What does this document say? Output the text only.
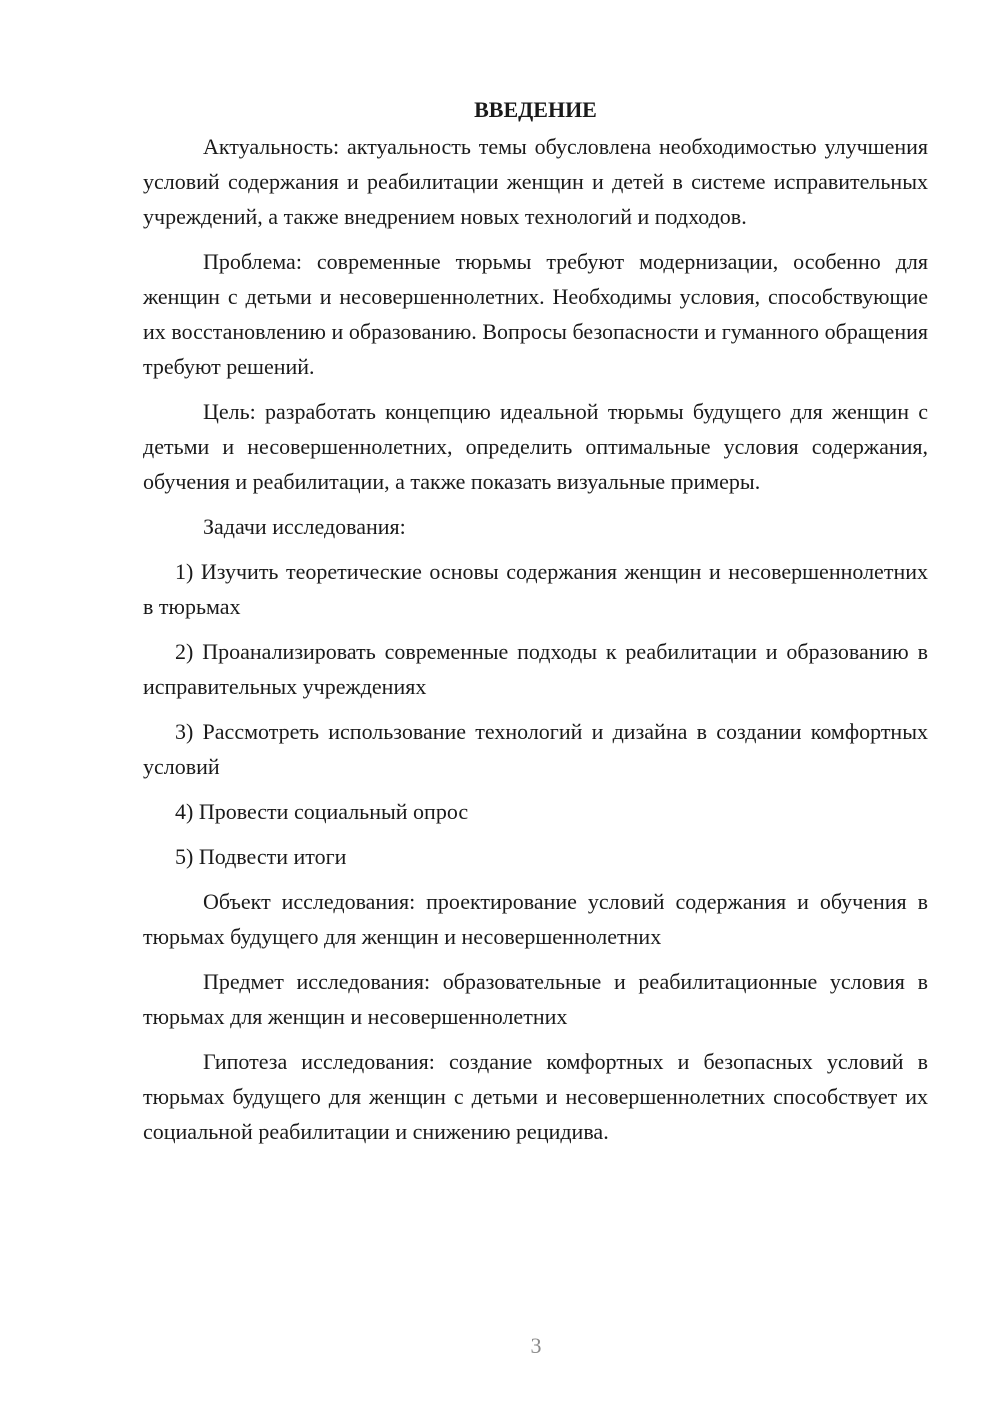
ВВЕДЕНИЕ
Актуальность: актуальность темы обусловлена необходимостью улучшения условий содержания и реабилитации женщин и детей в системе исправительных учреждений, а также внедрением новых технологий и подходов.
Проблема: современные тюрьмы требуют модернизации, особенно для женщин с детьми и несовершеннолетних. Необходимы условия, способствующие их восстановлению и образованию. Вопросы безопасности и гуманного обращения требуют решений.
Цель: разработать концепцию идеальной тюрьмы будущего для женщин с детьми и несовершеннолетних, определить оптимальные условия содержания, обучения и реабилитации, а также показать визуальные примеры.
Задачи исследования:
1) Изучить теоретические основы содержания женщин и несовершеннолетних в тюрьмах
2) Проанализировать современные подходы к реабилитации и образованию в исправительных учреждениях
3) Рассмотреть использование технологий и дизайна в создании комфортных условий
4) Провести социальный опрос
5) Подвести итоги
Объект исследования: проектирование условий содержания и обучения в тюрьмах будущего для женщин и несовершеннолетних
Предмет исследования: образовательные и реабилитационные условия в тюрьмах для женщин и несовершеннолетних
Гипотеза исследования: создание комфортных и безопасных условий в тюрьмах будущего для женщин с детьми и несовершеннолетних способствует их социальной реабилитации и снижению рецидива.
3
